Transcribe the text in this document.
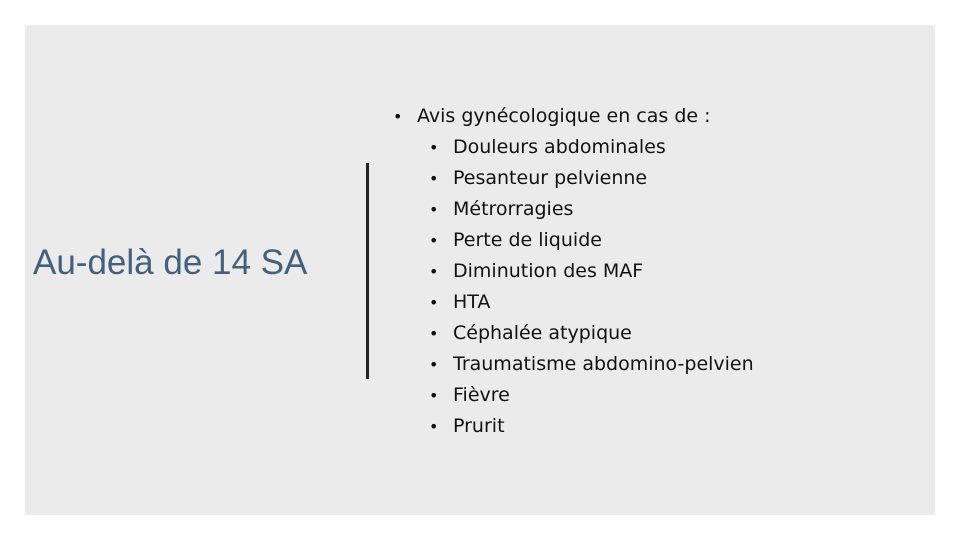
Au-delà de 14 SA
• Avis gynécologique en cas de :
• Douleurs abdominales
• Pesanteur pelvienne
• Métrorragies
• Perte de liquide
• Diminution des MAF
• HTA
• Céphalée atypique
• Traumatisme abdomino-pelvien
• Fièvre
• Prurit
